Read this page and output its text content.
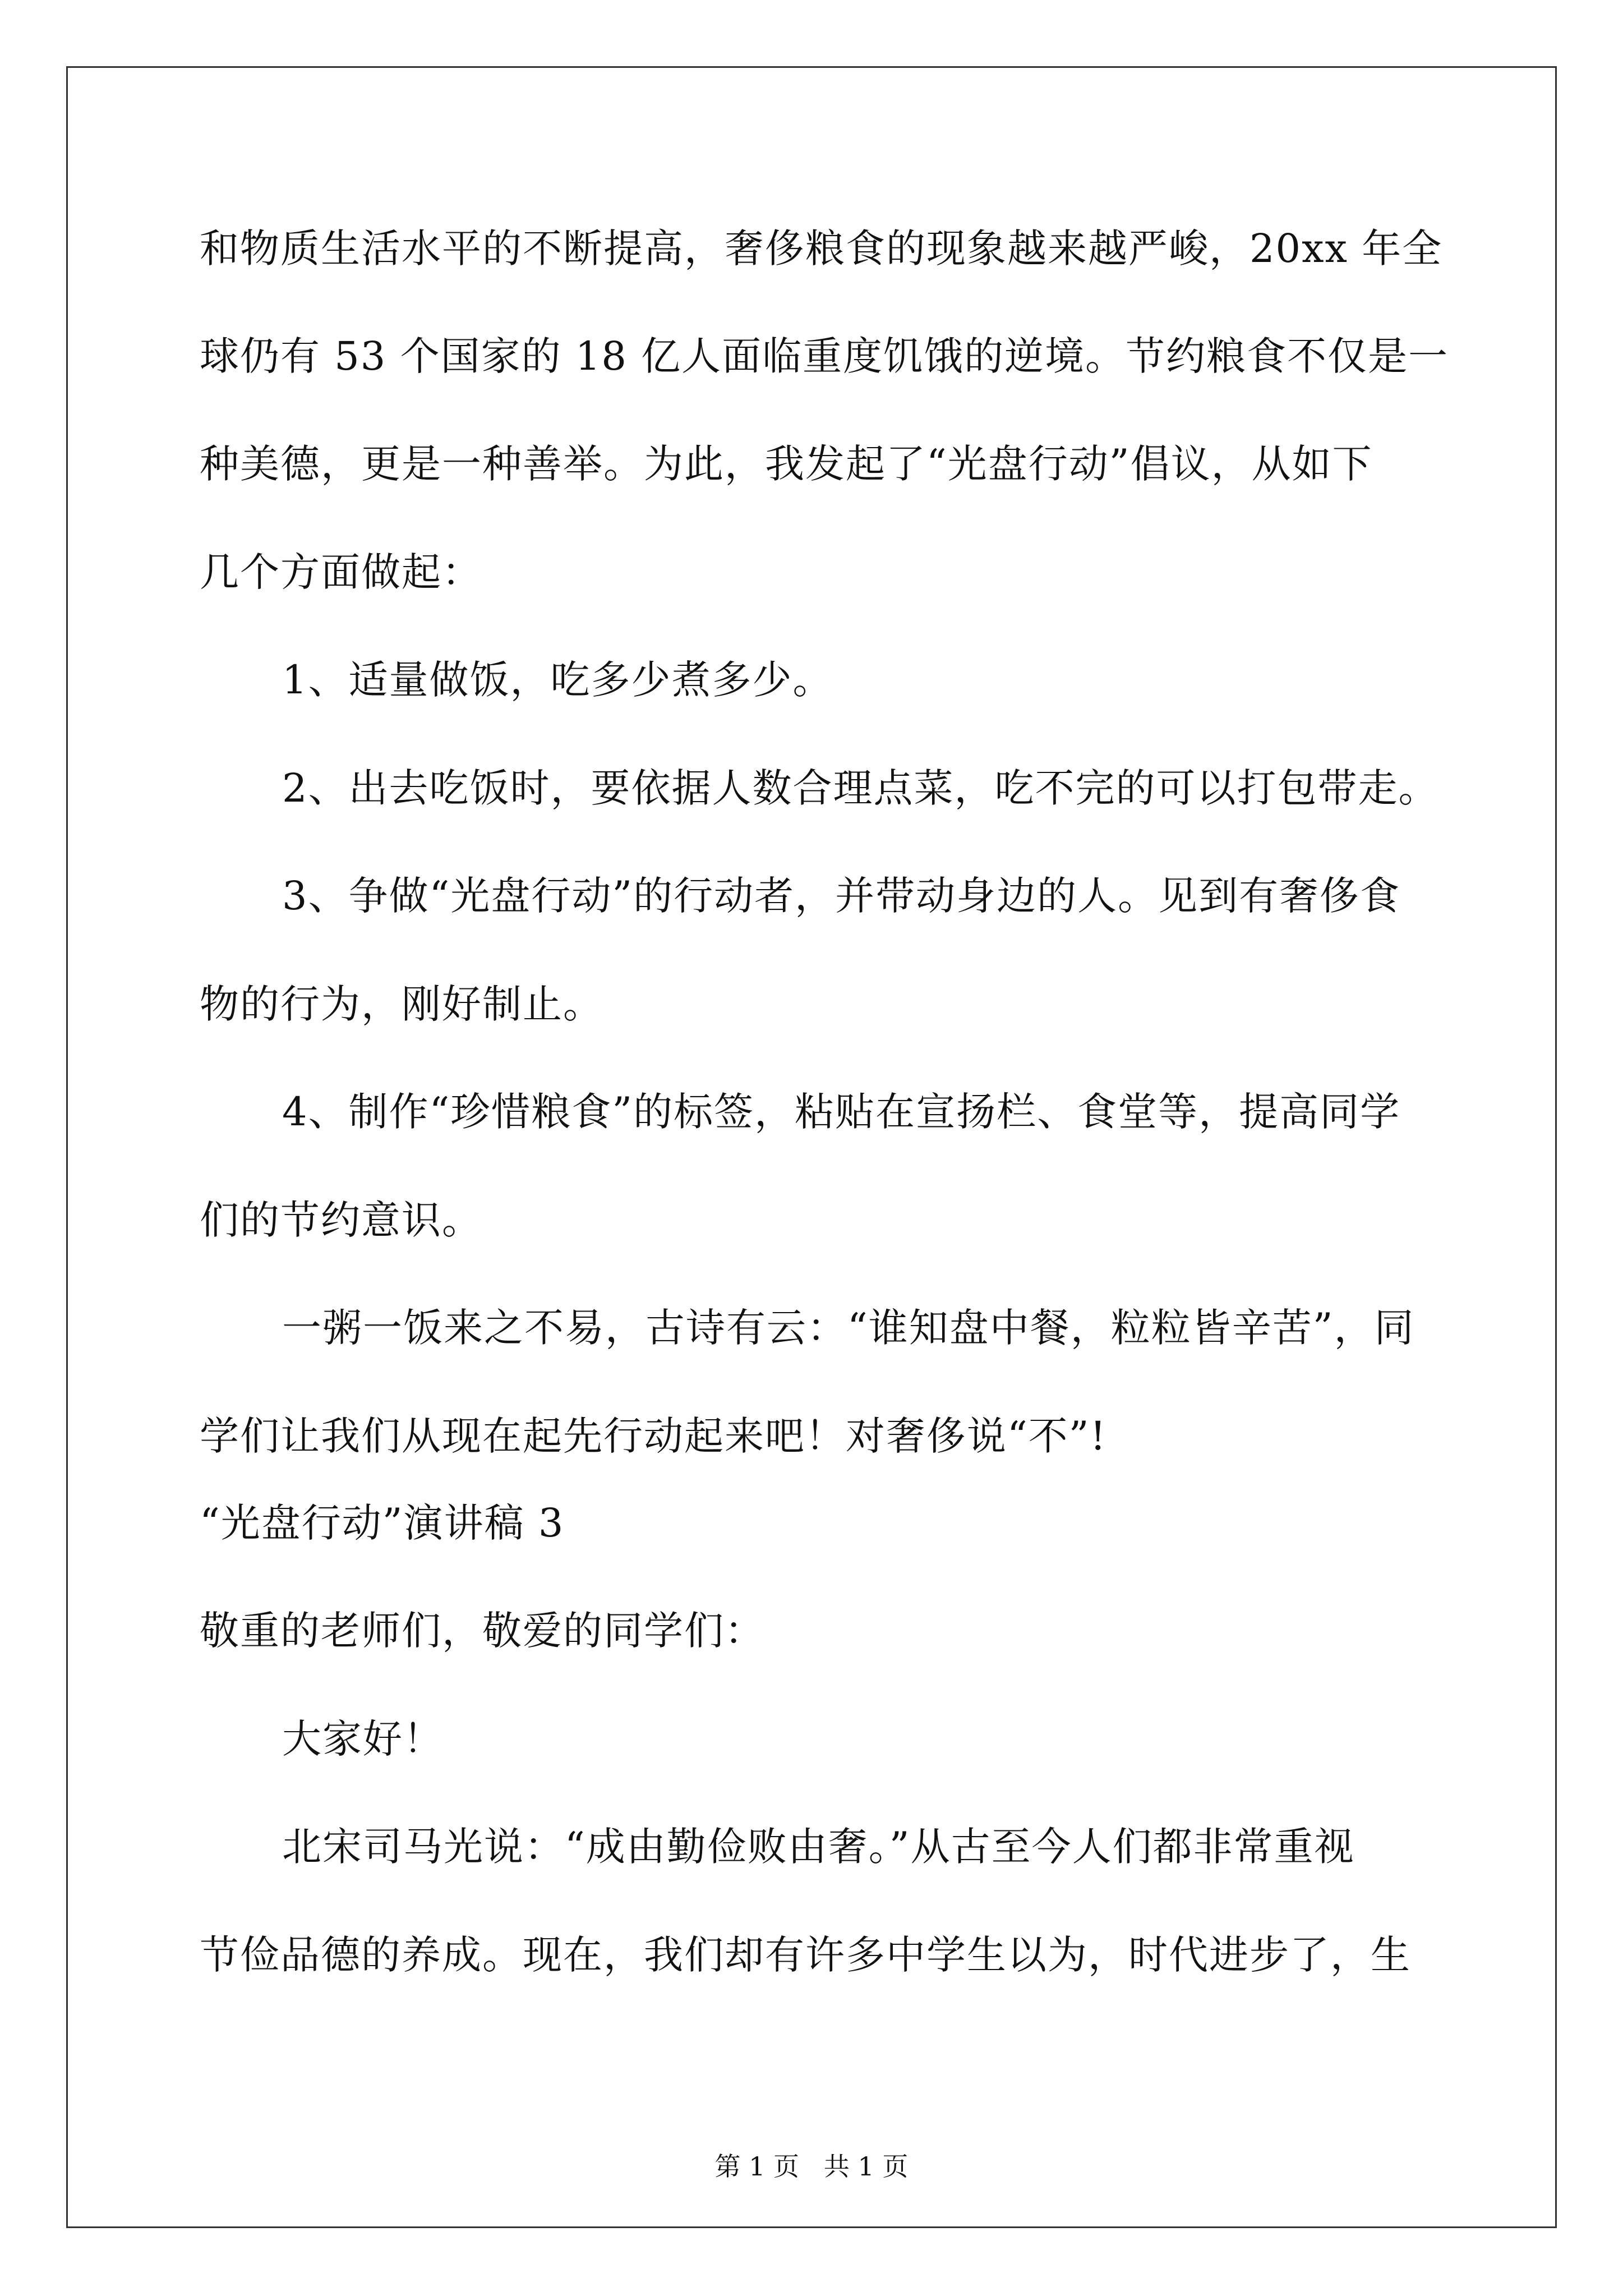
和物质生活水平的不断提高，奢侈粮食的现象越来越严峻，20xx 年全
球仍有 53 个国家的 18 亿人面临重度饥饿的逆境。节约粮食不仅是一
种美德，更是一种善举。为此，我发起了“光盘行动”倡议，从如下
几个方面做起：
1、适量做饭，吃多少煮多少。
2、出去吃饭时，要依据人数合理点菜，吃不完的可以打包带走。
3、争做“光盘行动”的行动者，并带动身边的人。见到有奢侈食
物的行为，刚好制止。
4、制作“珍惜粮食”的标签，粘贴在宣扬栏、食堂等，提高同学
们的节约意识。
一粥一饭来之不易，古诗有云：“谁知盘中餐，粒粒皆辛苦”，同
学们让我们从现在起先行动起来吧！对奢侈说“不”!
“光盘行动”演讲稿 3
敬重的老师们，敬爱的同学们：
大家好！
北宋司马光说：“成由勤俭败由奢。”从古至今人们都非常重视
节俭品德的养成。现在，我们却有许多中学生以为，时代进步了，生
第 1 页   共 1 页
